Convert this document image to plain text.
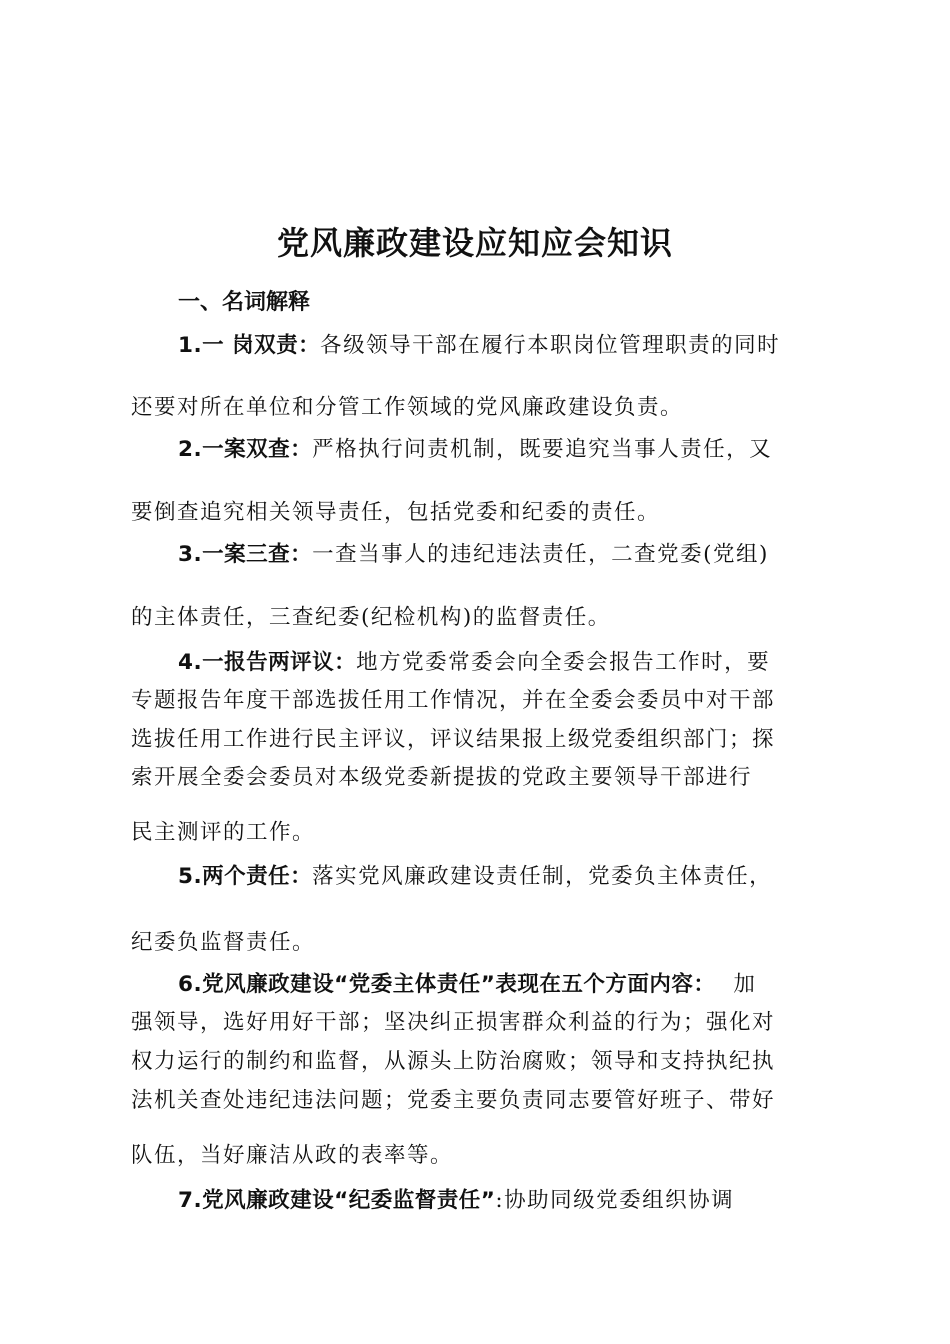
党风廉政建设应知应会知识
一、名词解释
1.一 岗双责：各级领导干部在履行本职岗位管理职责的同时
还要对所在单位和分管工作领域的党风廉政建设负责。
2.一案双查：严格执行问责机制，既要追究当事人责任，又
要倒查追究相关领导责任，包括党委和纪委的责任。
3.一案三查：一查当事人的违纪违法责任，二查党委(党组)
的主体责任，三查纪委(纪检机构)的监督责任。
4.一报告两评议：地方党委常委会向全委会报告工作时，要
专题报告年度干部选拔任用工作情况，并在全委会委员中对干部
选拔任用工作进行民主评议，评议结果报上级党委组织部门；探
索开展全委会委员对本级党委新提拔的党政主要领导干部进行
民主测评的工作。
5.两个责任：落实党风廉政建设责任制，党委负主体责任，
纪委负监督责任。
6.党风廉政建设“党委主体责任”表现在五个方面内容： 加
强领导，选好用好干部；坚决纠正损害群众利益的行为；强化对
权力运行的制约和监督，从源头上防治腐败；领导和支持执纪执
法机关查处违纪违法问题；党委主要负责同志要管好班子、带好
队伍，当好廉洁从政的表率等。
7.党风廉政建设“纪委监督责任”:协助同级党委组织协调
